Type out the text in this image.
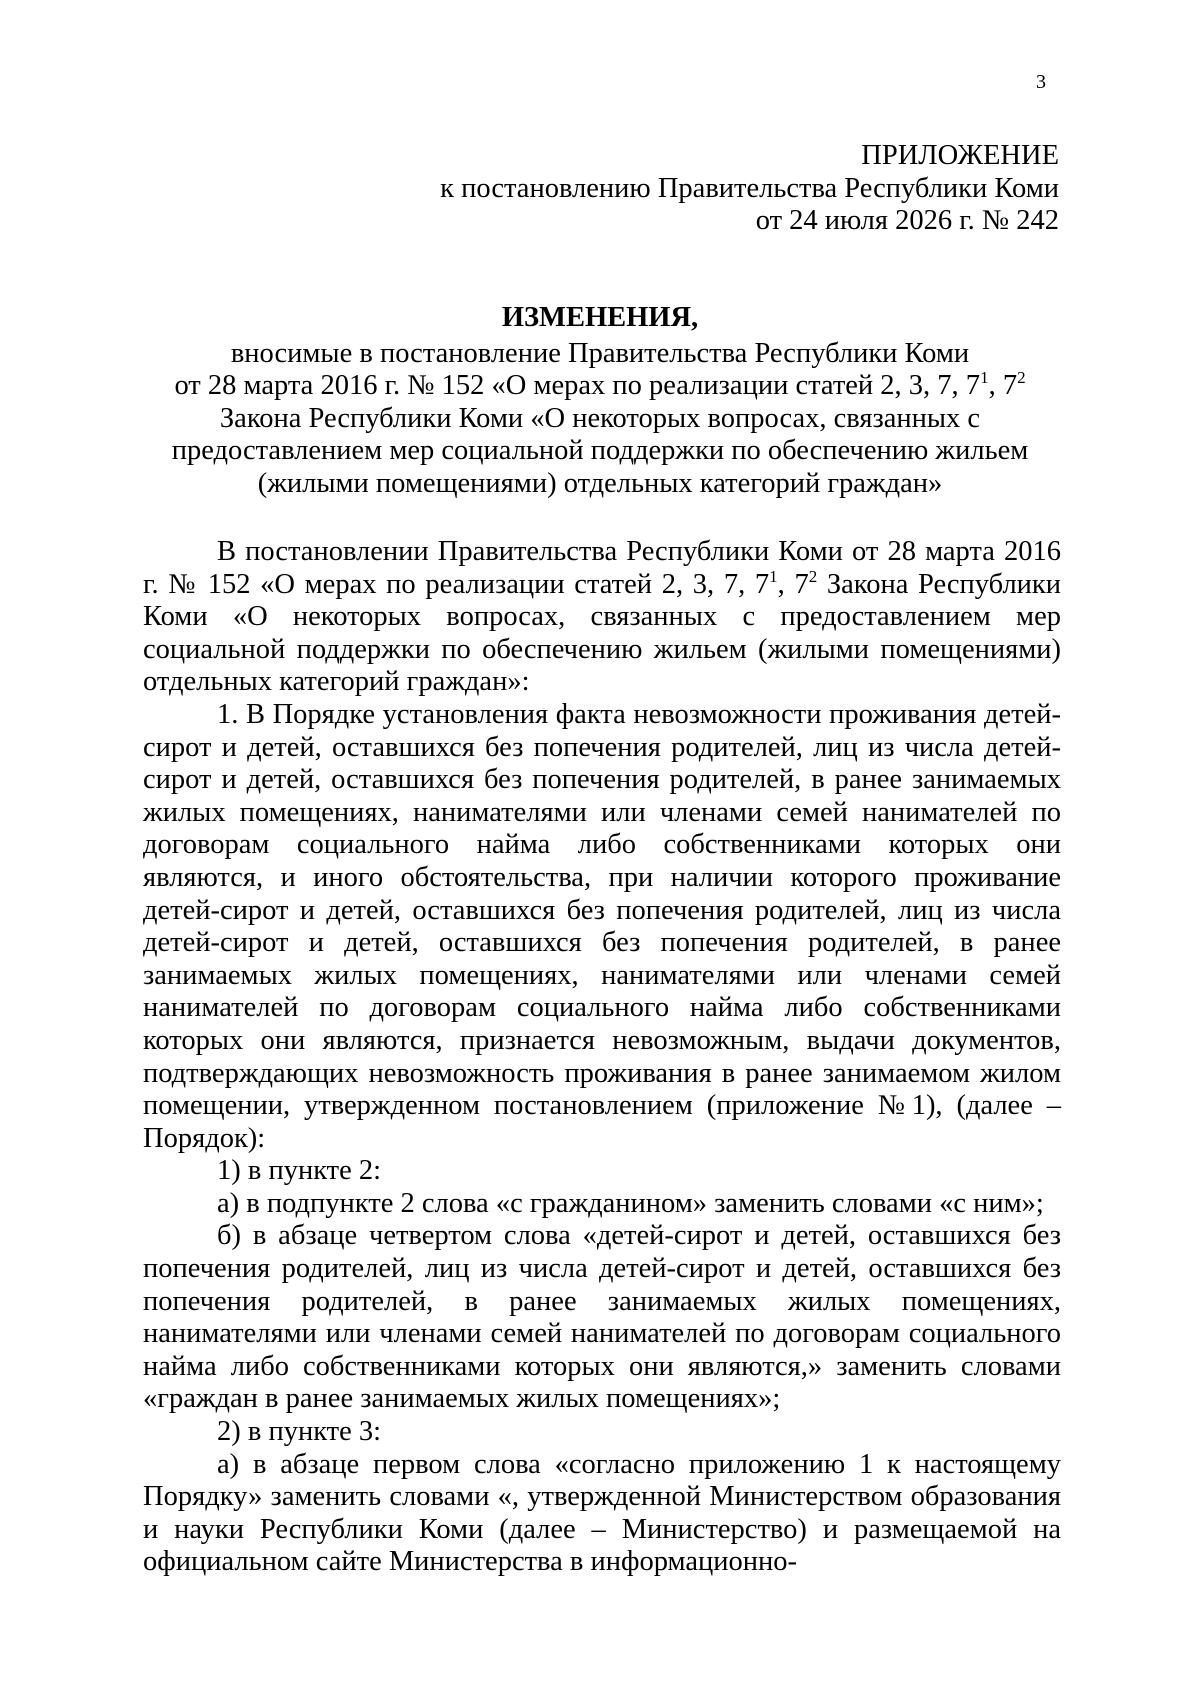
3
ПРИЛОЖЕНИЕ
к постановлению Правительства Республики Коми
от 24 июля 2026 г. № 242
ИЗМЕНЕНИЯ,
вносимые в постановление Правительства Республики Коми
от 28 марта 2016 г. № 152 «О мерах по реализации статей 2, 3, 7, $7^1$, $7^2$
Закона Республики Коми «О некоторых вопросах, связанных с
предоставлением мер социальной поддержки по обеспечению жильем
(жилыми помещениями) отдельных категорий граждан»

В постановлении Правительства Республики Коми от 28 марта 2016 г. № 152 «О мерах по реализации статей 2, 3, 7, $7^1$, $7^2$ Закона Республики Коми «О некоторых вопросах, связанных с предоставлением мер социальной поддержки по обеспечению жильем (жилыми помещениями) отдельных категорий граждан»:

1. В Порядке установления факта невозможности проживания детей-сирот и детей, оставшихся без попечения родителей, лиц из числа детей-сирот и детей, оставшихся без попечения родителей, в ранее занимаемых жилых помещениях, нанимателями или членами семей нанимателей по договорам социального найма либо собственниками которых они являются, и иного обстоятельства, при наличии которого проживание детей-сирот и детей, оставшихся без попечения родителей, лиц из числа детей-сирот и детей, оставшихся без попечения родителей, в ранее занимаемых жилых помещениях, нанимателями или членами семей нанимателей по договорам социального найма либо собственниками которых они являются, признается невозможным, выдачи документов, подтверждающих невозможность проживания в ранее занимаемом жилом помещении, утвержденном постановлением (приложение №1), (далее – Порядок):

1) в пункте 2:

а) в подпункте 2 слова «с гражданином» заменить словами «с ним»;

б) в абзаце четвертом слова «детей-сирот и детей, оставшихся без попечения родителей, лиц из числа детей-сирот и детей, оставшихся без попечения родителей, в ранее занимаемых жилых помещениях, нанимателями или членами семей нанимателей по договорам социального найма либо собственниками которых они являются,» заменить словами «граждан в ранее занимаемых жилых помещениях»;

2) в пункте 3:

а) в абзаце первом слова «согласно приложению 1 к настоящему Порядку» заменить словами «, утвержденной Министерством образования и науки Республики Коми (далее – Министерство) и размещаемой на официальном сайте Министерства в информационно-
